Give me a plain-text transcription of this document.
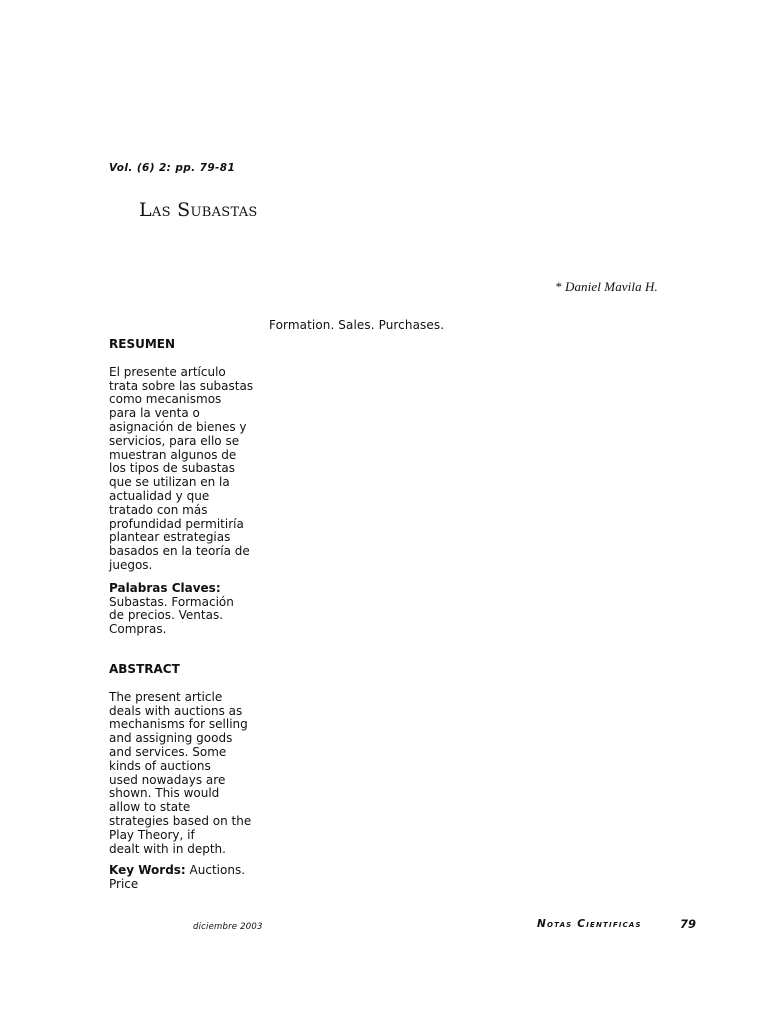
Vol. (6) 2: pp. 79-81
Las Subastas
* Daniel Mavila H.
Formation. Sales. Purchases.

RESUMEN

El presente artículo
trata sobre las subastas
como mecanismos
para la venta o
asignación de bienes y
servicios, para ello se
muestran algunos de
los tipos de subastas
que se utilizan en la
actualidad y que
tratado con más
profundidad permitiría
plantear estrategias
basados en la teoría de
juegos.

Palabras Claves:

Subastas. Formación
de precios. Ventas.
Compras.

ABSTRACT

The present article
deals with auctions as
mechanisms for selling
and assigning goods
and services. Some
kinds of auctions
used nowadays are
shown. This would
allow to state
strategies based on the
Play Theory, if
dealt with in depth.

Key Words: Auctions.
Price

diciembre 2003	Notas Cientificas	79
